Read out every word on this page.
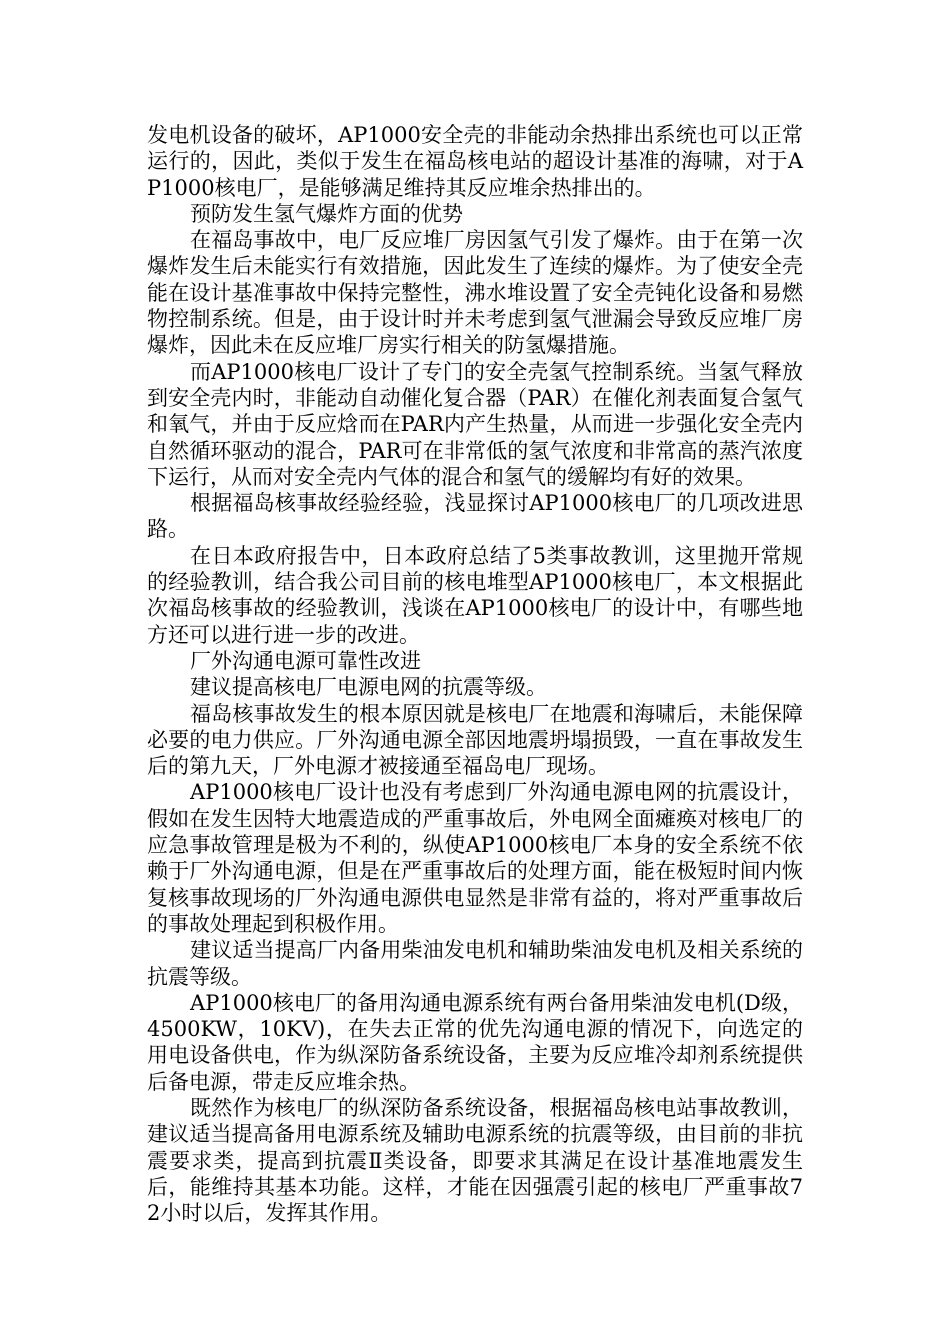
发电机设备的破坏，AP1000安全壳的非能动余热排出系统也可以正常运行的，因此，类似于发生在福岛核电站的超设计基准的海啸，对于AP1000核电厂，是能够满足维持其反应堆余热排出的。

预防发生氢气爆炸方面的优势

在福岛事故中，电厂反应堆厂房因氢气引发了爆炸。由于在第一次爆炸发生后未能实行有效措施，因此发生了连续的爆炸。为了使安全壳能在设计基准事故中保持完整性，沸水堆设置了安全壳钝化设备和易燃物控制系统。但是，由于设计时并未考虑到氢气泄漏会导致反应堆厂房爆炸，因此未在反应堆厂房实行相关的防氢爆措施。

而AP1000核电厂设计了专门的安全壳氢气控制系统。当氢气释放到安全壳内时，非能动自动催化复合器（PAR）在催化剂表面复合氢气和氧气，并由于反应焓而在PAR内产生热量，从而进一步强化安全壳内自然循环驱动的混合，PAR可在非常低的氢气浓度和非常高的蒸汽浓度下运行，从而对安全壳内气体的混合和氢气的缓解均有好的效果。

根据福岛核事故经验经验，浅显探讨AP1000核电厂的几项改进思路。

在日本政府报告中，日本政府总结了5类事故教训，这里抛开常规的经验教训，结合我公司目前的核电堆型AP1000核电厂，本文根据此次福岛核事故的经验教训，浅谈在AP1000核电厂的设计中，有哪些地方还可以进行进一步的改进。

厂外沟通电源可靠性改进

建议提高核电厂电源电网的抗震等级。

福岛核事故发生的根本原因就是核电厂在地震和海啸后，未能保障必要的电力供应。厂外沟通电源全部因地震坍塌损毁，一直在事故发生后的第九天，厂外电源才被接通至福岛电厂现场。

AP1000核电厂设计也没有考虑到厂外沟通电源电网的抗震设计，假如在发生因特大地震造成的严重事故后，外电网全面瘫痪对核电厂的应急事故管理是极为不利的，纵使AP1000核电厂本身的安全系统不依赖于厂外沟通电源，但是在严重事故后的处理方面，能在极短时间内恢复核事故现场的厂外沟通电源供电显然是非常有益的，将对严重事故后的事故处理起到积极作用。

建议适当提高厂内备用柴油发电机和辅助柴油发电机及相关系统的抗震等级。

AP1000核电厂的备用沟通电源系统有两台备用柴油发电机(D级，4500KW，10KV)，在失去正常的优先沟通电源的情况下，向选定的用电设备供电，作为纵深防备系统设备，主要为反应堆冷却剂系统提供后备电源，带走反应堆余热。

既然作为核电厂的纵深防备系统设备，根据福岛核电站事故教训，建议适当提高备用电源系统及辅助电源系统的抗震等级，由目前的非抗震要求类，提高到抗震Ⅱ类设备，即要求其满足在设计基准地震发生后，能维持其基本功能。这样，才能在因强震引起的核电厂严重事故72小时以后，发挥其作用。
